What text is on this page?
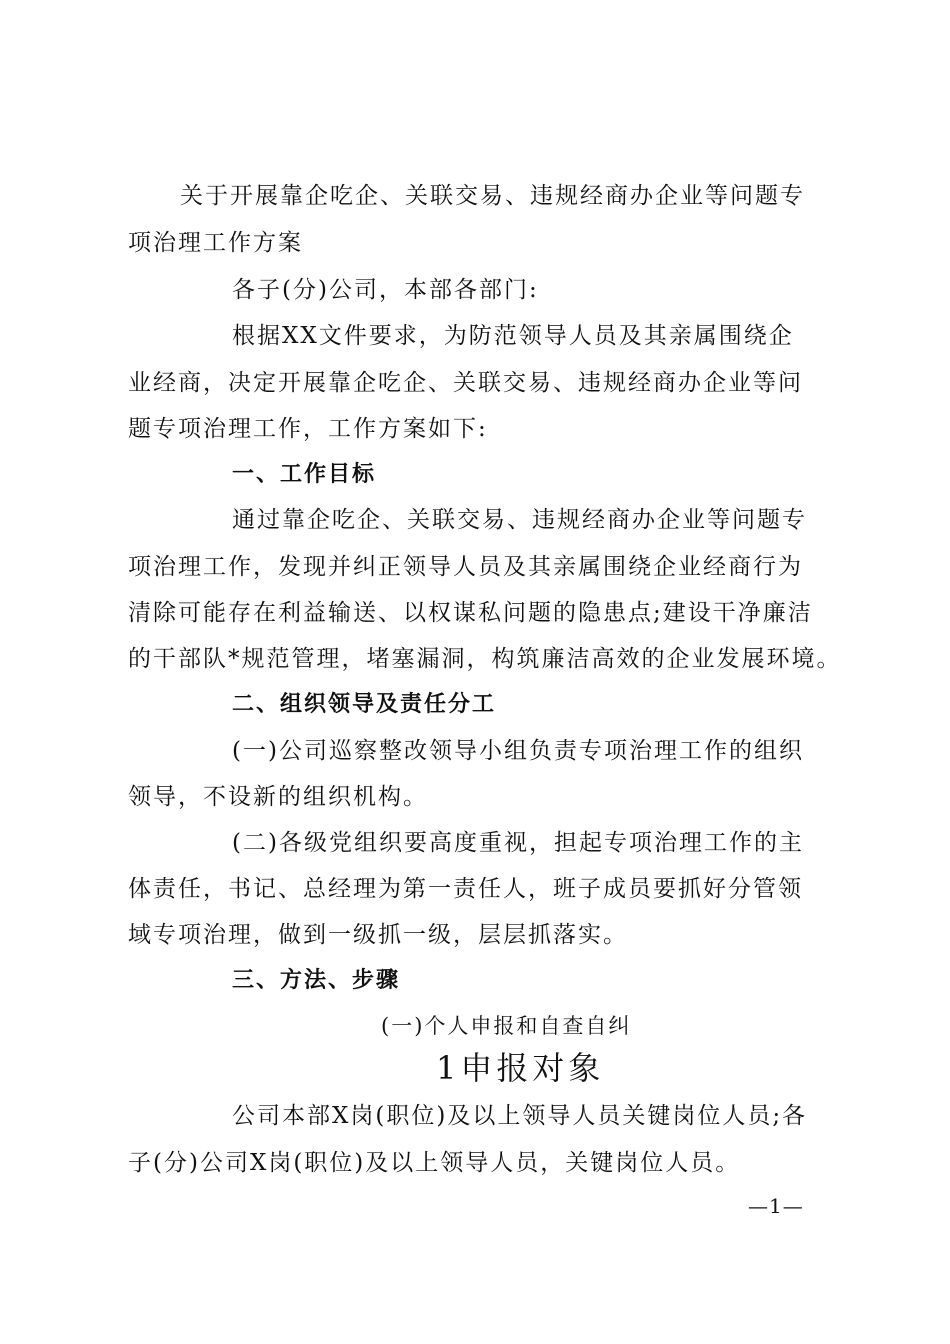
关于开展靠企吃企、关联交易、违规经商办企业等问题专
项治理工作方案
各子(分)公司，本部各部门:
根据XX文件要求，为防范领导人员及其亲属围绕企
业经商，决定开展靠企吃企、关联交易、违规经商办企业等问
题专项治理工作，工作方案如下:
一、工作目标
通过靠企吃企、关联交易、违规经商办企业等问题专
项治理工作，发现并纠正领导人员及其亲属围绕企业经商行为
清除可能存在利益输送、以权谋私问题的隐患点;建设干净廉洁
的干部队*规范管理，堵塞漏洞，构筑廉洁高效的企业发展环境。
二、组织领导及责任分工
(一)公司巡察整改领导小组负责专项治理工作的组织
领导，不设新的组织机构。
(二)各级党组织要高度重视，担起专项治理工作的主
体责任，书记、总经理为第一责任人，班子成员要抓好分管领
域专项治理，做到一级抓一级，层层抓落实。
三、方法、步骤
(一)个人申报和自查自纠
1申报对象
公司本部X岗(职位)及以上领导人员关键岗位人员;各
子(分)公司X岗(职位)及以上领导人员，关键岗位人员。
—1—
